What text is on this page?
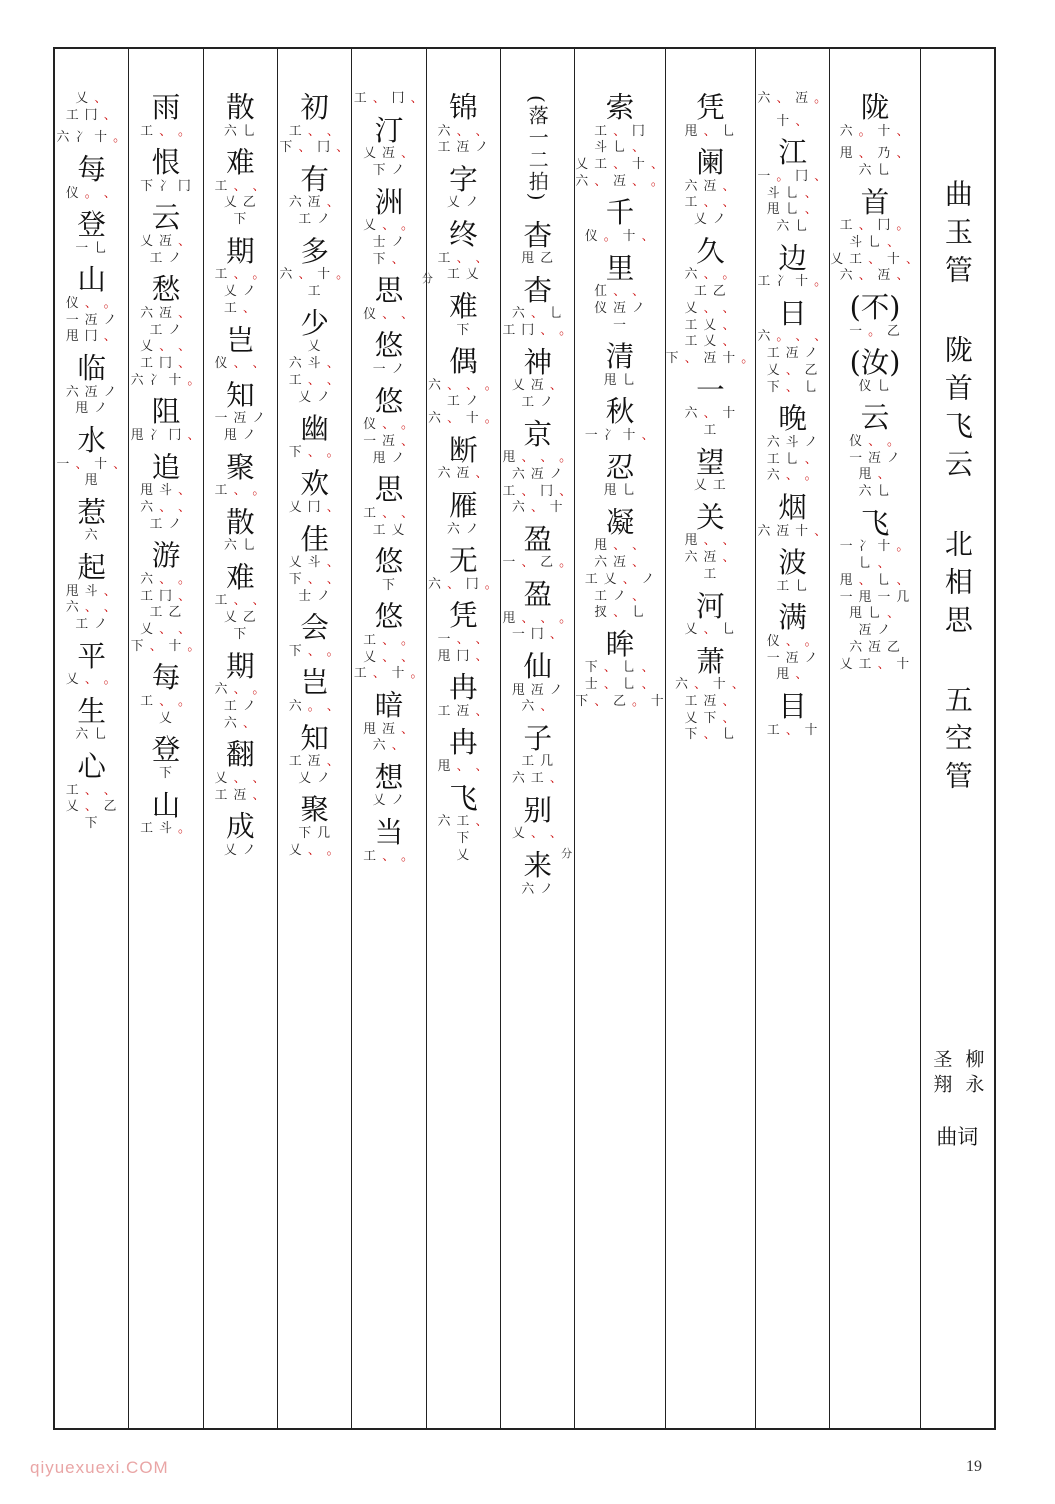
乂 、
工 冂 、
六 冫 十 。
每
仪 。 、
登
一 乚
山
仪 、 。
一 冱 ノ
甩 冂 、
临
六 冱 ノ
甩 ノ
水
一 、 十 、
甩
惹
六
起
甩 斗 、
六 、 、
工 ノ
平
乂 、 。
生
六 乚
心
工 、 、
乂 、 乙
下
雨
工 、 。
恨
下 冫 冂
云
乂 冱 、
工 ノ
愁
六 冱 、
工 ノ
乂 、 、
工 冂 、
六 冫 十 。
阻
甩 冫 冂 、
追
甩 斗 、
六 、 、
工 ノ
游
六 、 。
工 冂 、
工 乙
乂 、 、
下 、 十 。
每
工 、 。
乂
登
下
山
工 斗 。
散
六 乚
难
工 、 、
乂 乙
下
期
工 、 。
乂 ノ
工 、
岂
仪 、 、
知
一 冱 ノ
甩 ノ
聚
工 、 。
散
六 乚
难
工 、 、
乂 乙
下
期
六 、 。
工 ノ
六 、
翻
乂 、 、
工 冱 、
成
乂 ノ
初
工 、 、
下 、 冂 、
有
六 冱 、
工 ノ
多
六 、 十 。
工
少
乂
六 斗 、
工 、 、
乂 ノ
幽
下 、 。
欢
乂 冂 、
佳
乂 斗 、
下 、 、
士 ノ
会
下 、 。
岂
六 。 、
知
工 冱 、
乂 ノ
聚
下 几
乂 、 。
工 、 冂 、
汀
乂 冱 、
下 ノ
洲
乂 、 。
士 ノ
下 、
思
仪 、 、
分
悠
一 ノ
悠
仪 、 。
一 冱 、
甩 ノ
思
工 、 、
工 乂
悠
下
悠
工 、 。
乂 、 、
工 、 十 。
暗
甩 冱 、
六 、
想
乂 ノ
当
工 、 。
锦
六 、 、
工 冱 ノ
字
乂 ノ
终
工 、 、
工 乂
难
下
偶
六 、 、 。
工 ノ
六 、 十 。
断
六 冱 、
雁
六 ノ
无
六 、 冂 。
凭
一 、 、
甩 冂 、
冉
工 冱 、
冉
甩 、 、
飞
六 工 、
下
乂
(落一二拍)
杳
甩 乙
杳
六 、 乚
工 冂 、 。
神
乂 冱 、
工 ノ
京
甩 、 、 。
六 冱 ノ
工 、 冂 、
六 、 十
盈
一 、 乙 。
盈
甩 、 、 。
一 冂 、
仙
甩 冱 ノ
六 、
子
工 几
六 工 、
别
乂 、 、
来
六 ノ
分
索
工 、 冂
斗 乚 、
乂 工 、 十 、
六 、 冱 、 。
千
仪 。 十 、
里
仜 、 、
仪 冱 ノ
一
清
甩 乚
秋
一 冫 十 、
忍
甩 乚
凝
甩 、 、
六 冱 、
工 乂 、 ノ
工 ノ 、
扠 、 乚
眸
下 、 乚 、
士 、 乚 、
下 、 乙 。 十
凭
甩 、 乚
阑
六 冱 、
工 、 、
乂 ノ
久
六 、 。
工 乙
乂 、 、
工 乂 、
工 乂 、
下 、 冱 十 。
一
六 、 十
工
望
乂 工
关
甩 、 、
六 冱 、
工
河
乂 、 乚
萧
六 、 十 、
工 冱 、
乂 下 、
下 、 乚
六 、 冱 。
十 、
江
一 。 冂 、
斗 乚 、
甩 乚 、
六 乚
边
工 冫 十 。
日
六 。 、 、
工 冱 ノ
乂 、 乙
下 、 乚
晚
六 斗 ノ
工 乚 、
六 、 。
烟
六 冱 十 、
波
工 乚
满
仪 、 。
一 冱 ノ
甩 、
目
工 、 十
陇
六 。 十 、
甩 、 乃 、
六 乚
首
工 、 冂 。
斗 乚 、
乂 工 、 十 、
六 、 冱 、
(不)
一 。 乙
(汝)
仪 乚
云
仪 、 。
一 冱 ノ
甩 、
六 乚
飞
一 冫 十 。
乚 、
甩 、 乚 、
一 甩 一 几
甩 乚 、
冱 ノ
六 冱 乙
乂 工 、 十
曲玉管
陇首飞云
北相思
五空管
圣翔 柳永
曲词
19
qiyuexuexi.COM
